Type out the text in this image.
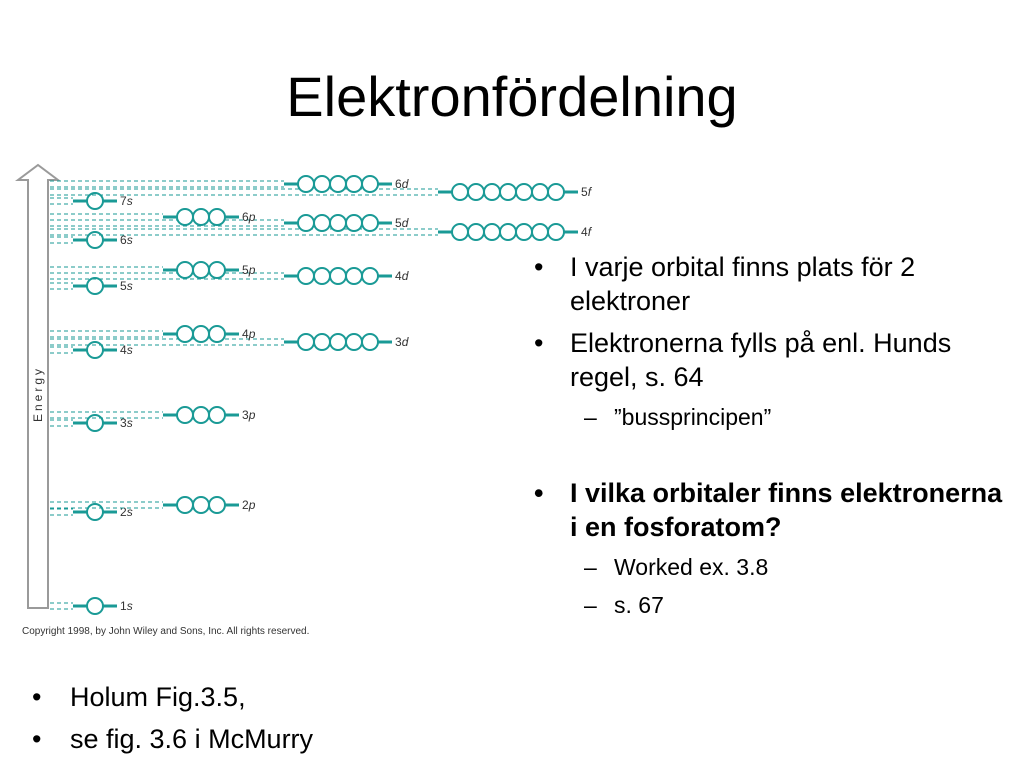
Elektronfördelning
Energy
1s
2s	2p
3s
3p
4s
3d
4p
5s
4d
5p
6s
4f
5d
6p
7s
5f
6d
Copyright 1998, by John Wiley and Sons, Inc. All rights reserved.
• I varje orbital finns plats för 2 elektroner
• Elektronerna fylls på enl. Hunds regel, s. 64
– ”bussprincipen”
• I vilka orbitaler finns elektronerna i en fosforatom?
– Worked ex. 3.8
– s. 67
• Holum Fig.3.5,
• se fig. 3.6 i McMurry
